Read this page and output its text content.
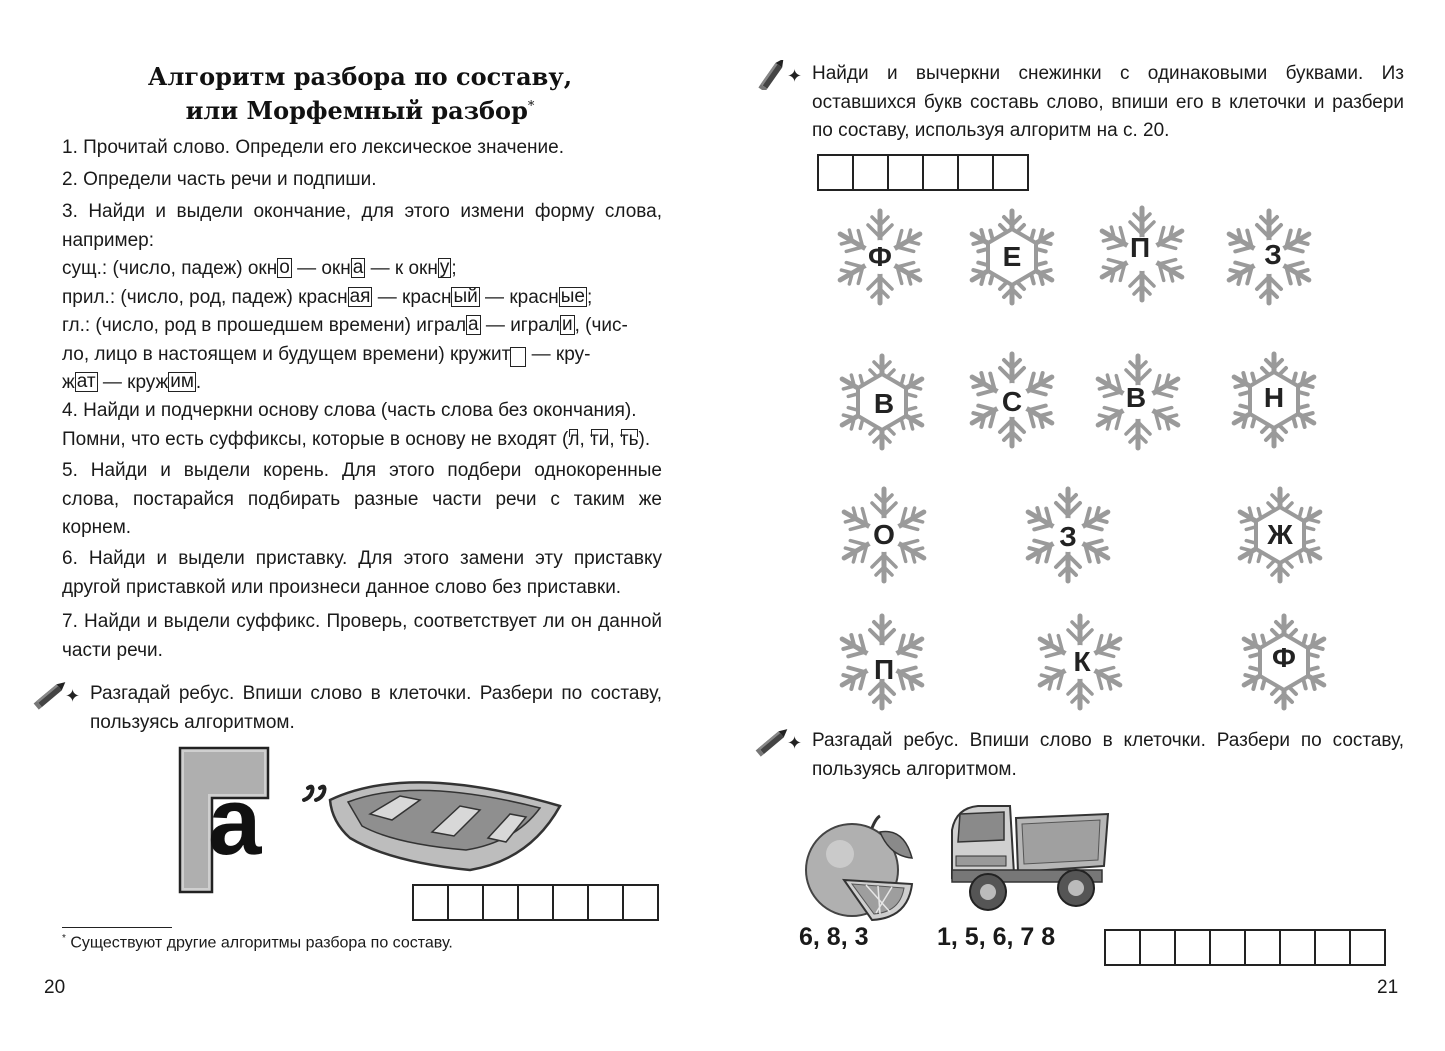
Алгоритм разбора по составу,
или Морфемный разбор*

1. Прочитай слово. Определи его лексическое значение.

2. Определи часть речи и подпиши.

3. Найди и выдели окончание, для этого измени форму слова, например:

сущ.: (число, падеж) окн о — окн а — к окн у ;

прил.: (число, род, падеж) красн ая — красн ый — красн ые ;

гл.: (число, род в прошедшем времени) играл а — играл и , (чис-

ло, лицо в настоящем и будущем времени) кружит  — кру-

ж ат — круж им .

4. Найди и подчеркни основу слова (часть слова без окончания).

Помни, что есть суффиксы, которые в основу не входят (л, ти, ть).

5. Найди и выдели корень. Для этого подбери однокоренные слова, постарайся подбирать разные части речи с таким же корнем.

6. Найди и выдели приставку. Для этого замени эту приставку другой приставкой или произнеси данное слово без приставки.

7. Найди и выдели суффикс. Проверь, соответствует ли он данной части речи.

✦ Разгадай ребус. Впиши слово в клеточки. Разбери по составу, пользуясь алгоритмом.
а
* Существуют другие алгоритмы разбора по составу.
20
✦ Найди и вычеркни снежинки с одинаковыми буквами. Из оставшихся букв составь слово, впиши его в клеточки и разбери по составу, используя алгоритм на с. 20.
Ф	Е	П	З
В	С	В	Н
О	З	Ж
П	К	Ф
✦ Разгадай ребус. Впиши слово в клеточки. Разбери по составу, пользуясь алгоритмом.
6, 8, 3	1, 5, 6, 7 8
21
